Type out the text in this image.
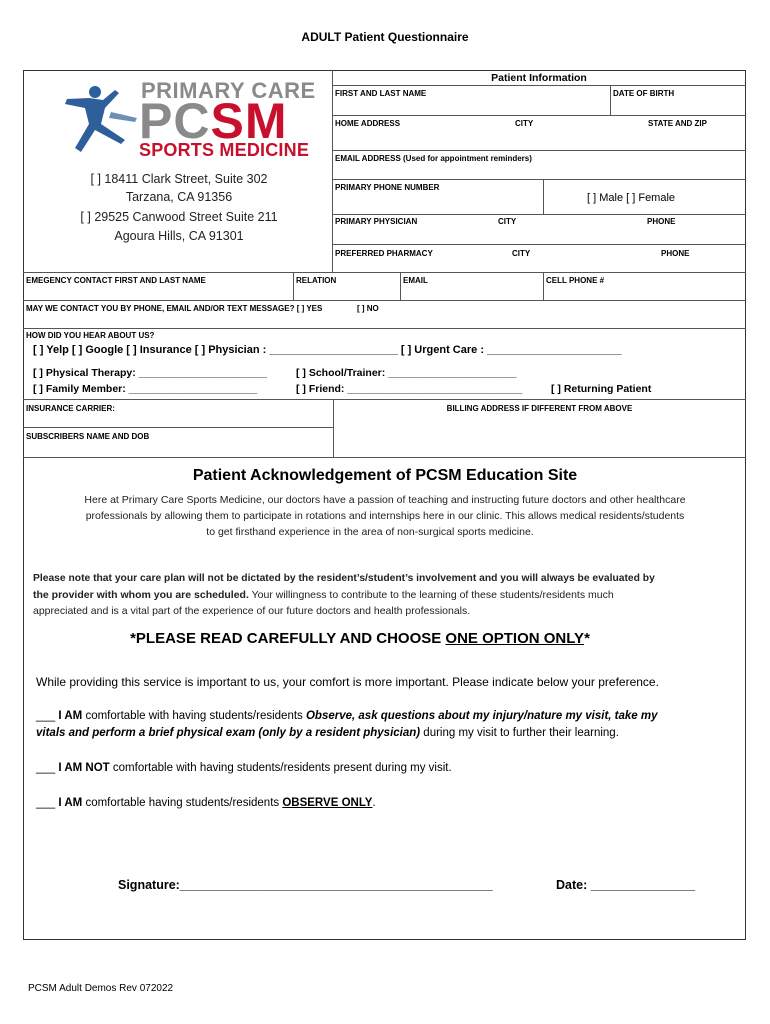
ADULT Patient Questionnaire
PRIMARY CARE
PCSM
SPORTS MEDICINE
[ ] 18411 Clark Street, Suite 302
Tarzana, CA 91356
[ ] 29525 Canwood Street Suite 211
Agoura Hills, CA 91301
Patient Information
FIRST AND LAST NAME	DATE OF BIRTH
HOME ADDRESS	CITY	STATE AND ZIP
EMAIL ADDRESS (Used for appointment reminders)
PRIMARY PHONE NUMBER
[ ] Male [ ] Female
PRIMARY PHYSICIAN	CITY	PHONE
PREFERRED PHARMACY	CITY	PHONE
EMEGENCY CONTACT FIRST AND LAST NAME	RELATION	EMAIL	CELL PHONE #
MAY WE CONTACT YOU BY PHONE, EMAIL AND/OR TEXT MESSAGE? [ ] YES	[ ] NO
HOW DID YOU HEAR ABOUT US?
[ ] Yelp [ ] Google [ ] Insurance [ ] Physician : _____________________ [ ] Urgent Care : ______________________
[ ] Physical Therapy: ______________________	[ ] School/Trainer: ______________________
[ ] Family Member: ______________________	[ ] Friend: ______________________________	[ ] Returning Patient
INSURANCE CARRIER:	BILLING ADDRESS IF DIFFERENT FROM ABOVE
SUBSCRIBERS NAME AND DOB
Patient Acknowledgement of PCSM Education Site
Here at Primary Care Sports Medicine, our doctors have a passion of teaching and instructing future doctors and other healthcare
professionals by allowing them to participate in rotations and internships here in our clinic. This allows medical residents/students
to get firsthand experience in the area of non-surgical sports medicine.
Please note that your care plan will not be dictated by the resident’s/student’s involvement and you will always be evaluated by
the provider with whom you are scheduled. Your willingness to contribute to the learning of these students/residents much
appreciated and is a vital part of the experience of our future doctors and health professionals.
*PLEASE READ CAREFULLY AND CHOOSE ONE OPTION ONLY*
While providing this service is important to us, your comfort is more important. Please indicate below your preference.
___ I AM comfortable with having students/residents Observe, ask questions about my injury/nature my visit, take my
vitals and perform a brief physical exam (only by a resident physician) during my visit to further their learning.
___ I AM NOT comfortable with having students/residents present during my visit.
___ I AM comfortable having students/residents OBSERVE ONLY.
Signature:_____________________________________________	Date: _______________
PCSM Adult Demos Rev 072022
